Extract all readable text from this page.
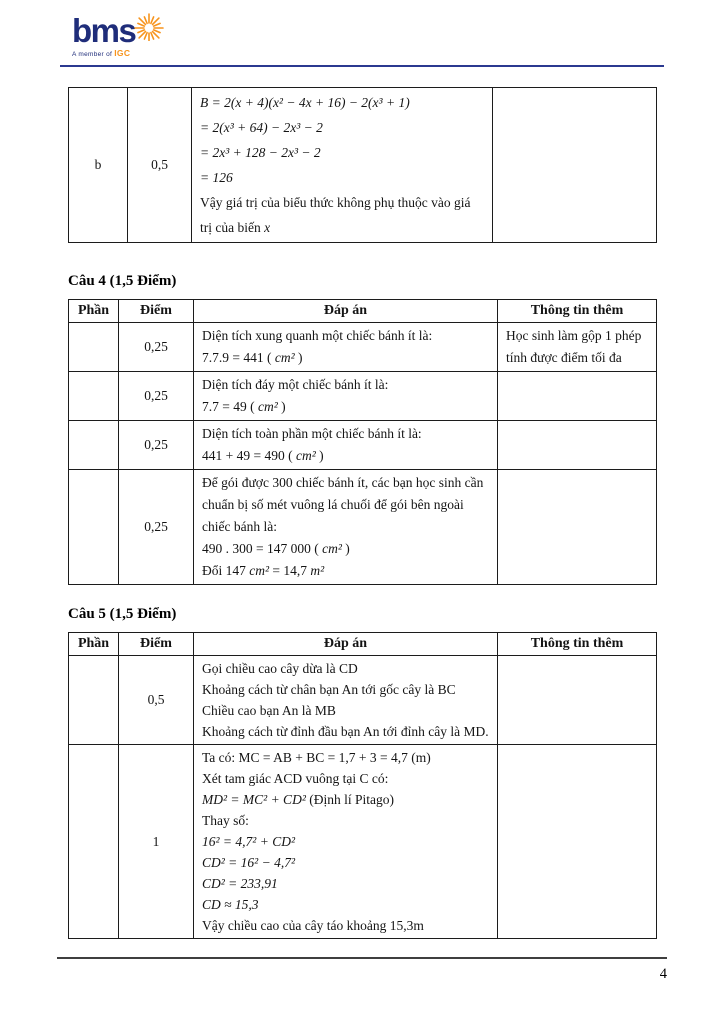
bms
A member of IGC
b	0,5	
B = 2(x + 4)(x² − 4x + 16) − 2(x³ + 1)
= 2(x³ + 64) − 2x³ − 2
= 2x³ + 128 − 2x³ − 2
= 126
Vậy giá trị của biểu thức không phụ thuộc vào giá trị của biến x

Câu 4 (1,5 Điểm)
Phần	Điểm	Đáp án	Thông tin thêm
	0,25	Diện tích xung quanh một chiếc bánh ít là:
7.7.9 = 441 ( cm² )	Học sinh làm gộp 1 phép tính được điểm tối đa

	0,25	Diện tích đáy một chiếc bánh ít là:
7.7 = 49 ( cm² )	

	0,25	Diện tích toàn phần một chiếc bánh ít là:
441 + 49 = 490 ( cm² )	

	0,25	Để gói được 300 chiếc bánh ít, các bạn học sinh cần chuẩn bị số mét vuông lá chuối để gói bên ngoài chiếc bánh là:
490 . 300 = 147 000 ( cm² )
Đổi 147 cm² = 14,7 m²	

Câu 5 (1,5 Điểm)
Phần	Điểm	Đáp án	Thông tin thêm
	0,5	Gọi chiều cao cây dừa là CD
Khoảng cách từ chân bạn An tới gốc cây là BC
Chiều cao bạn An là MB
Khoảng cách từ đỉnh đầu bạn An tới đỉnh cây là MD.	

	1	
Ta có: MC = AB + BC = 1,7 + 3 = 4,7 (m)
Xét tam giác ACD vuông tại C có:
MD² = MC² + CD² (Định lí Pitago)
Thay số:
16² = 4,7² + CD²
CD² = 16² − 4,7²
CD² = 233,91
CD ≈ 15,3
Vậy chiều cao của cây táo khoảng 15,3m

4
